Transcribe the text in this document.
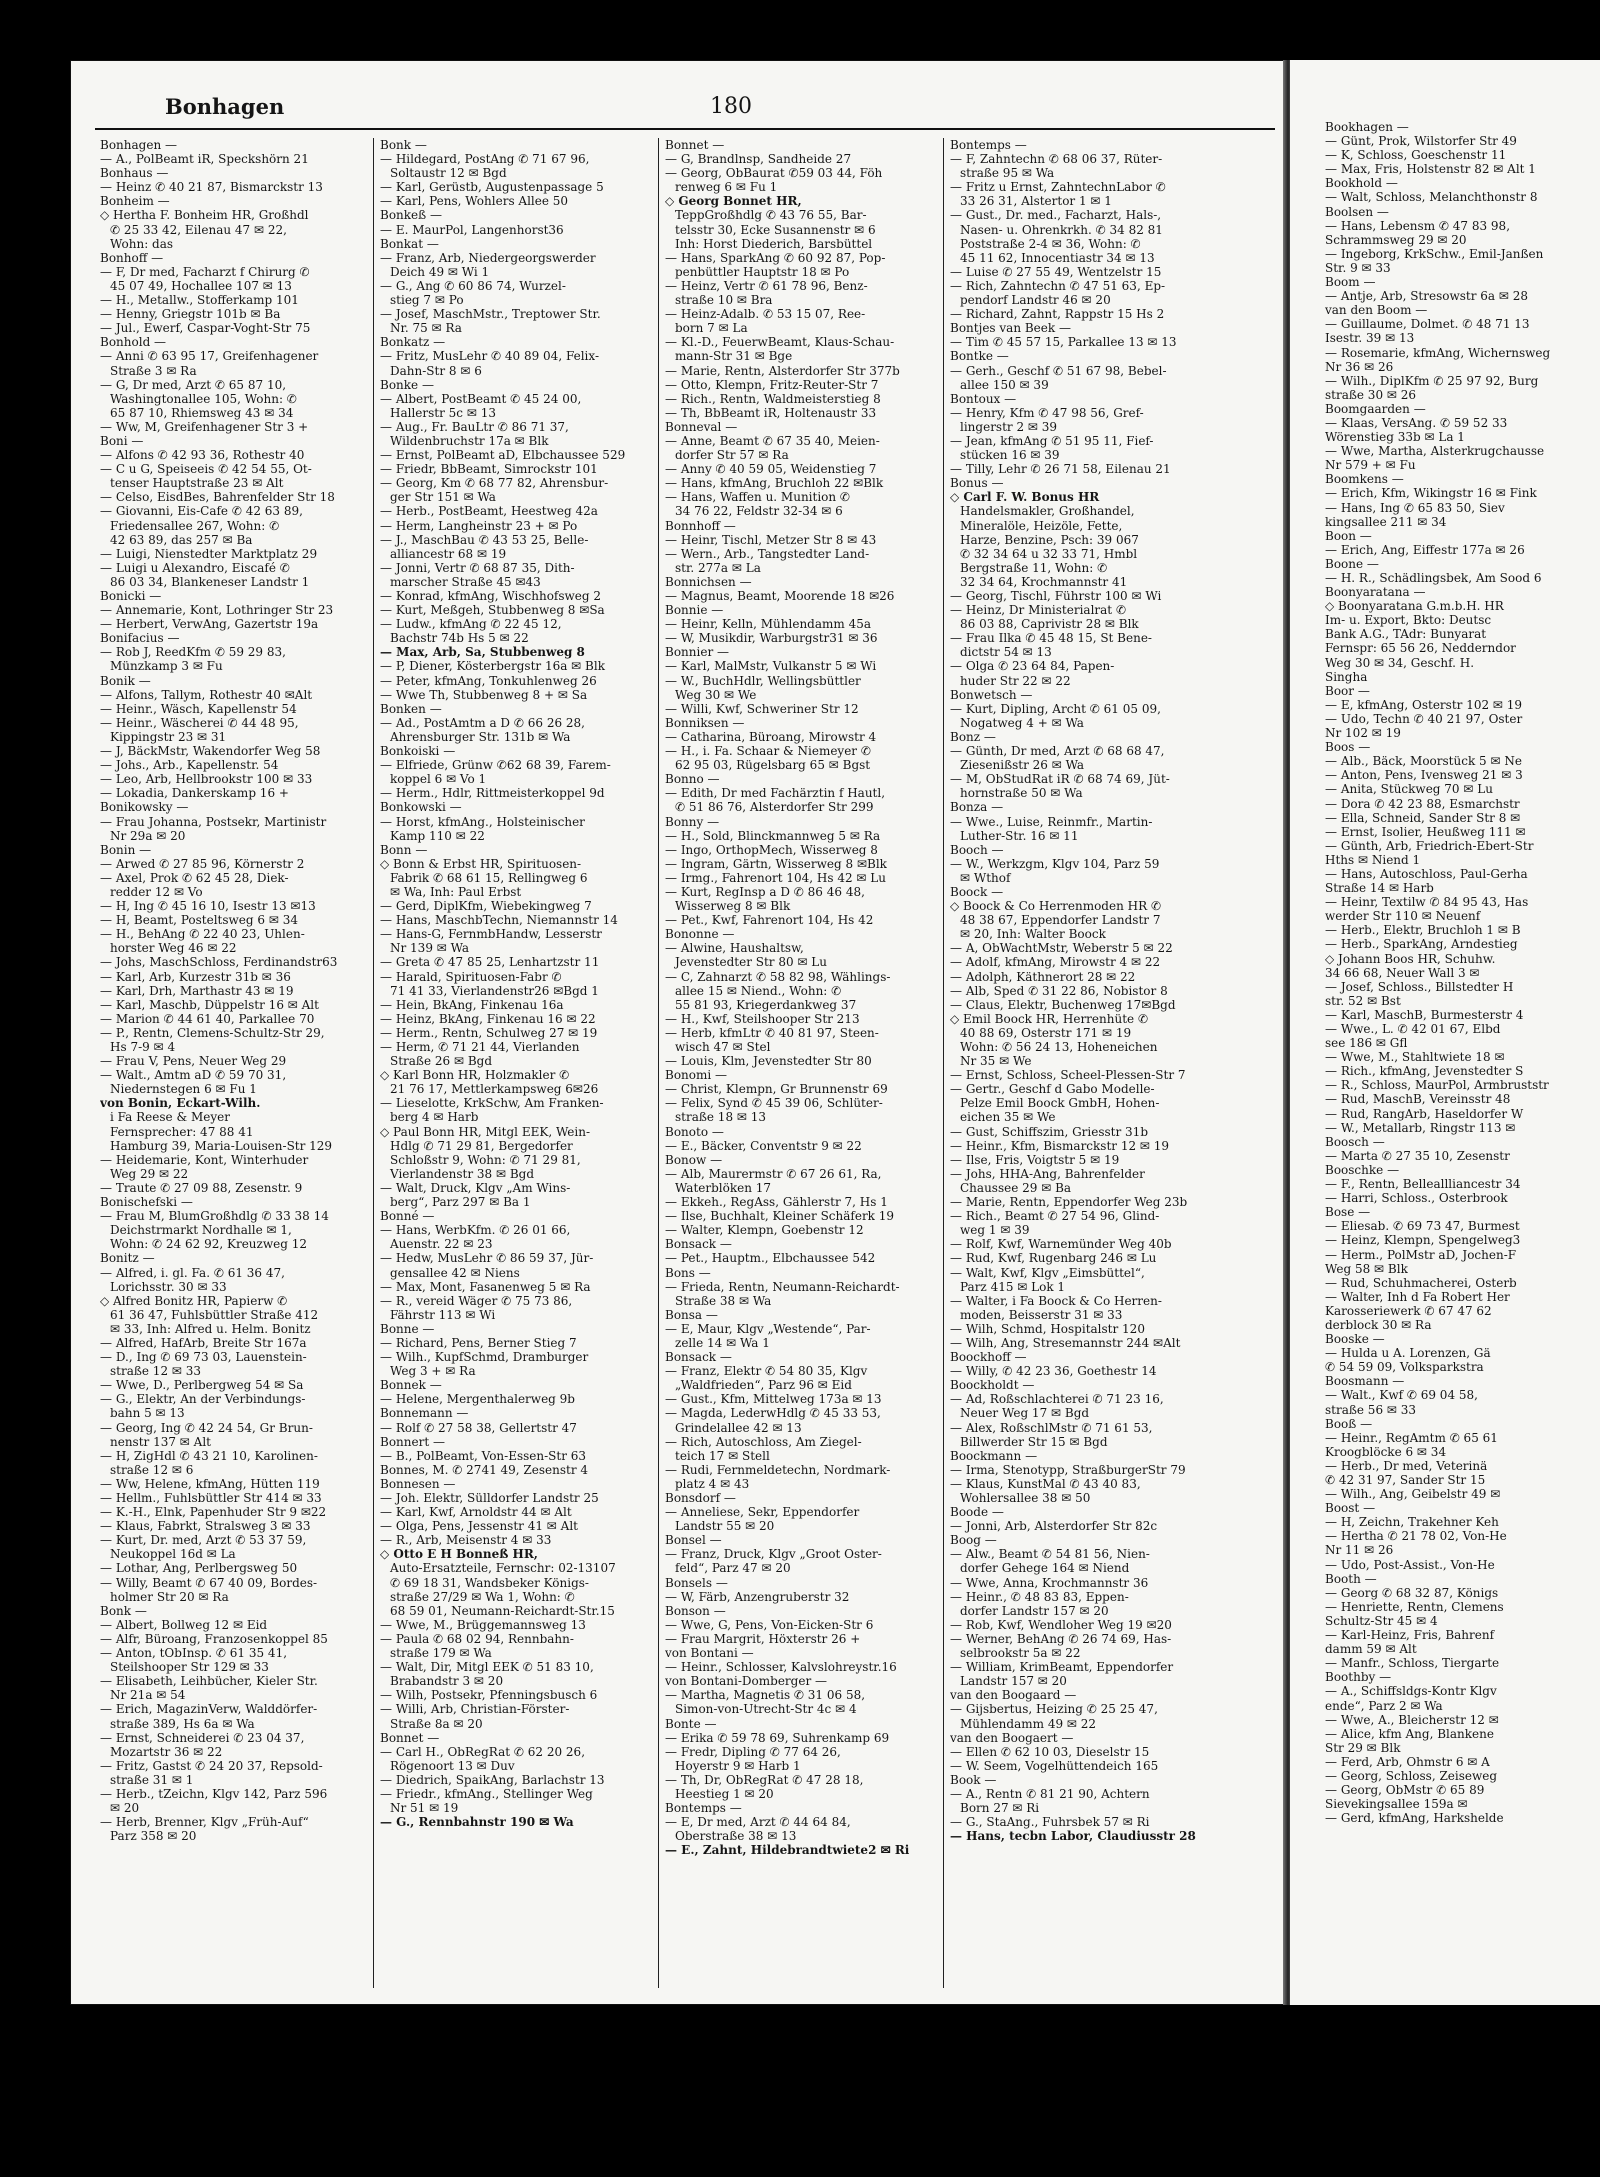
Bonhagen	180
Bonhagen —
— A., PolBeamt iR, Speckshörn 21
Bonhaus —
— Heinz ✆ 40 21 87, Bismarckstr 13
Bonheim —
◇ Hertha F. Bonheim HR, Großhdl
✆ 25 33 42, Eilenau 47 ✉ 22,
Wohn: das
Bonhoff —
— F, Dr med, Facharzt f Chirurg ✆
45 07 49, Hochallee 107 ✉ 13
— H., Metallw., Stofferkamp 101
— Henny, Griegstr 101b ✉ Ba
— Jul., Ewerf, Caspar-Voght-Str 75
Bonhold —
— Anni ✆ 63 95 17, Greifenhagener
Straße 3 ✉ Ra
— G, Dr med, Arzt ✆ 65 87 10,
Washingtonallee 105, Wohn: ✆
65 87 10, Rhiemsweg 43 ✉ 34
— Ww, M, Greifenhagener Str 3 +
Boni —
— Alfons ✆ 42 93 36, Rothestr 40
— C u G, Speiseeis ✆ 42 54 55, Ot-
tenser Hauptstraße 23 ✉ Alt
— Celso, EisdBes, Bahrenfelder Str 18
— Giovanni, Eis-Cafe ✆ 42 63 89,
Friedensallee 267, Wohn: ✆
42 63 89, das 257 ✉ Ba
— Luigi, Nienstedter Marktplatz 29
— Luigi u Alexandro, Eiscafé ✆
86 03 34, Blankeneser Landstr 1
Bonicki —
— Annemarie, Kont, Lothringer Str 23
— Herbert, VerwAng, Gazertstr 19a
Bonifacius —
— Rob J, ReedKfm ✆ 59 29 83,
Münzkamp 3 ✉ Fu
Bonik —
— Alfons, Tallym, Rothestr 40 ✉Alt
— Heinr., Wäsch, Kapellenstr 54
— Heinr., Wäscherei ✆ 44 48 95,
Kippingstr 23 ✉ 31
— J, BäckMstr, Wakendorfer Weg 58
— Johs., Arb., Kapellenstr. 54
— Leo, Arb, Hellbrookstr 100 ✉ 33
— Lokadia, Dankerskamp 16 +
Bonikowsky —
— Frau Johanna, Postsekr, Martinistr
Nr 29a ✉ 20
Bonin —
— Arwed ✆ 27 85 96, Körnerstr 2
— Axel, Prok ✆ 62 45 28, Diek-
redder 12 ✉ Vo
— H, Ing ✆ 45 16 10, Isestr 13 ✉13
— H, Beamt, Posteltsweg 6 ✉ 34
— H., BehAng ✆ 22 40 23, Uhlen-
horster Weg 46 ✉ 22
— Johs, MaschSchloss, Ferdinandstr63
— Karl, Arb, Kurzestr 31b ✉ 36
— Karl, Drh, Marthastr 43 ✉ 19
— Karl, Maschb, Düppelstr 16 ✉ Alt
— Marion ✆ 44 61 40, Parkallee 70
— P., Rentn, Clemens-Schultz-Str 29,
Hs 7-9 ✉ 4
— Frau V, Pens, Neuer Weg 29
— Walt., Amtm aD ✆ 59 70 31,
Niedernstegen 6 ✉ Fu 1
von Bonin, Eckart-Wilh.
i Fa Reese & Meyer
Fernsprecher: 47 88 41
Hamburg 39, Maria-Louisen-Str 129
— Heidemarie, Kont, Winterhuder
Weg 29 ✉ 22
— Traute ✆ 27 09 88, Zesenstr. 9
Bonischefski —
— Frau M, BlumGroßhdlg ✆ 33 38 14
Deichstrmarkt Nordhalle ✉ 1,
Wohn: ✆ 24 62 92, Kreuzweg 12
Bonitz —
— Alfred, i. gl. Fa. ✆ 61 36 47,
Lorichsstr. 30 ✉ 33
◇ Alfred Bonitz HR, Papierw ✆
61 36 47, Fuhlsbüttler Straße 412
✉ 33, Inh: Alfred u. Helm. Bonitz
— Alfred, HafArb, Breite Str 167a
— D., Ing ✆ 69 73 03, Lauenstein-
straße 12 ✉ 33
— Wwe, D., Perlbergweg 54 ✉ Sa
— G., Elektr, An der Verbindungs-
bahn 5 ✉ 13
— Georg, Ing ✆ 42 24 54, Gr Brun-
nenstr 137 ✉ Alt
— H, ZigHdl ✆ 43 21 10, Karolinen-
straße 12 ✉ 6
— Ww, Helene, kfmAng, Hütten 119
— Hellm., Fuhlsbüttler Str 414 ✉ 33
— K.-H., Elnk, Papenhuder Str 9 ✉22
— Klaus, Fabrkt, Stralsweg 3 ✉ 33
— Kurt, Dr. med, Arzt ✆ 53 37 59,
Neukoppel 16d ✉ La
— Lothar, Ang, Perlbergsweg 50
— Willy, Beamt ✆ 67 40 09, Bordes-
holmer Str 20 ✉ Ra
Bonk —
— Albert, Bollweg 12 ✉ Eid
— Alfr, Büroang, Franzosenkoppel 85
— Anton, tObInsp. ✆ 61 35 41,
Steilshooper Str 129 ✉ 33
— Elisabeth, Leihbücher, Kieler Str.
Nr 21a ✉ 54
— Erich, MagazinVerw, Walddörfer-
straße 389, Hs 6a ✉ Wa
— Ernst, Schneiderei ✆ 23 04 37,
Mozartstr 36 ✉ 22
— Fritz, Gastst ✆ 24 20 37, Repsold-
straße 31 ✉ 1
— Herb., tZeichn, Klgv 142, Parz 596
✉ 20
— Herb, Brenner, Klgv „Früh-Auf“
Parz 358 ✉ 20
Bonk —
— Hildegard, PostAng ✆ 71 67 96,
Soltaustr 12 ✉ Bgd
— Karl, Gerüstb, Augustenpassage 5
— Karl, Pens, Wohlers Allee 50
Bonkeß —
— E. MaurPol, Langenhorst36
Bonkat —
— Franz, Arb, Niedergeorgswerder
Deich 49 ✉ Wi 1
— G., Ang ✆ 60 86 74, Wurzel-
stieg 7 ✉ Po
— Josef, MaschMstr., Treptower Str.
Nr. 75 ✉ Ra
Bonkatz —
— Fritz, MusLehr ✆ 40 89 04, Felix-
Dahn-Str 8 ✉ 6
Bonke —
— Albert, PostBeamt ✆ 45 24 00,
Hallerstr 5c ✉ 13
— Aug., Fr. BauLtr ✆ 86 71 37,
Wildenbruchstr 17a ✉ Blk
— Ernst, PolBeamt aD, Elbchaussee 529
— Friedr, BbBeamt, Simrockstr 101
— Georg, Km ✆ 68 77 82, Ahrensbur-
ger Str 151 ✉ Wa
— Herb., PostBeamt, Heestweg 42a
— Herm, Langheinstr 23 + ✉ Po
— J., MaschBau ✆ 43 53 25, Belle-
alliancestr 68 ✉ 19
— Jonni, Vertr ✆ 68 87 35, Dith-
marscher Straße 45 ✉43
— Konrad, kfmAng, Wischhofsweg 2
— Kurt, Meßgeh, Stubbenweg 8 ✉Sa
— Ludw., kfmAng ✆ 22 45 12,
Bachstr 74b Hs 5 ✉ 22
— Max, Arb, Sa, Stubbenweg 8
— P, Diener, Kösterbergstr 16a ✉ Blk
— Peter, kfmAng, Tonkuhlenweg 26
— Wwe Th, Stubbenweg 8 + ✉ Sa
Bonken —
— Ad., PostAmtm a D ✆ 66 26 28,
Ahrensburger Str. 131b ✉ Wa
Bonkoiski —
— Elfriede, Grünw ✆62 68 39, Farem-
koppel 6 ✉ Vo 1
— Herm., Hdlr, Rittmeisterkoppel 9d
Bonkowski —
— Horst, kfmAng., Holsteinischer
Kamp 110 ✉ 22
Bonn —
◇ Bonn & Erbst HR, Spirituosen-
Fabrik ✆ 68 61 15, Rellingweg 6
✉ Wa, Inh: Paul Erbst
— Gerd, DiplKfm, Wiebekingweg 7
— Hans, MaschbTechn, Niemannstr 14
— Hans-G, FernmbHandw, Lesserstr
Nr 139 ✉ Wa
— Greta ✆ 47 85 25, Lenhartzstr 11
— Harald, Spirituosen-Fabr ✆
71 41 33, Vierlandenstr26 ✉Bgd 1
— Hein, BkAng, Finkenau 16a
— Heinz, BkAng, Finkenau 16 ✉ 22
— Herm., Rentn, Schulweg 27 ✉ 19
— Herm, ✆ 71 21 44, Vierlanden
Straße 26 ✉ Bgd
◇ Karl Bonn HR, Holzmakler ✆
21 76 17, Mettlerkampsweg 6✉26
— Lieselotte, KrkSchw, Am Franken-
berg 4 ✉ Harb
◇ Paul Bonn HR, Mitgl EEK, Wein-
Hdlg ✆ 71 29 81, Bergedorfer
Schloßstr 9, Wohn: ✆ 71 29 81,
Vierlandenstr 38 ✉ Bgd
— Walt, Druck, Klgv „Am Wins-
berg“, Parz 297 ✉ Ba 1
Bonné —
— Hans, WerbKfm. ✆ 26 01 66,
Auenstr. 22 ✉ 23
— Hedw, MusLehr ✆ 86 59 37, Jür-
gensallee 42 ✉ Niens
— Max, Mont, Fasanenweg 5 ✉ Ra
— R., vereid Wäger ✆ 75 73 86,
Fährstr 113 ✉ Wi
Bonne —
— Richard, Pens, Berner Stieg 7
— Wilh., KupfSchmd, Dramburger
Weg 3 + ✉ Ra
Bonnek —
— Helene, Mergenthalerweg 9b
Bonnemann —
— Rolf ✆ 27 58 38, Gellertstr 47
Bonnert —
— B., PolBeamt, Von-Essen-Str 63
Bonnes, M. ✆ 2741 49, Zesenstr 4
Bonnesen —
— Joh. Elektr, Sülldorfer Landstr 25
— Karl, Kwf, Arnoldstr 44 ✉ Alt
— Olga, Pens, Jessenstr 41 ✉ Alt
— R., Arb, Meisenstr 4 ✉ 33
◇ Otto E H Bonneß HR,
Auto-Ersatzteile, Fernschr: 02-13107
✆ 69 18 31, Wandsbeker Königs-
straße 27/29 ✉ Wa 1, Wohn: ✆
68 59 01, Neumann-Reichardt-Str.15
— Wwe, M., Brüggemannsweg 13
— Paula ✆ 68 02 94, Rennbahn-
straße 179 ✉ Wa
— Walt, Dir, Mitgl EEK ✆ 51 83 10,
Brabandstr 3 ✉ 20
— Wilh, Postsekr, Pfenningsbusch 6
— Willi, Arb, Christian-Förster-
Straße 8a ✉ 20
Bonnet —
— Carl H., ObRegRat ✆ 62 20 26,
Rögenoort 13 ✉ Duv
— Diedrich, SpaikAng, Barlachstr 13
— Friedr., kfmAng., Stellinger Weg
Nr 51 ✉ 19
— G., Rennbahnstr 190 ✉ Wa
Bonnet —
— G, Brandlnsp, Sandheide 27
— Georg, ObBaurat ✆59 03 44, Föh
renweg 6 ✉ Fu 1
◇ Georg Bonnet HR,
TeppGroßhdlg ✆ 43 76 55, Bar-
telsstr 30, Ecke Susannenstr ✉ 6
Inh: Horst Diederich, Barsbüttel
— Hans, SparkAng ✆ 60 92 87, Pop-
penbüttler Hauptstr 18 ✉ Po
— Heinz, Vertr ✆ 61 78 96, Benz-
straße 10 ✉ Bra
— Heinz-Adalb. ✆ 53 15 07, Ree-
born 7 ✉ La
— Kl.-D., FeuerwBeamt, Klaus-Schau-
mann-Str 31 ✉ Bge
— Marie, Rentn, Alsterdorfer Str 377b
— Otto, Klempn, Fritz-Reuter-Str 7
— Rich., Rentn, Waldmeisterstieg 8
— Th, BbBeamt iR, Holtenaustr 33
Bonneval —
— Anne, Beamt ✆ 67 35 40, Meien-
dorfer Str 57 ✉ Ra
— Anny ✆ 40 59 05, Weidenstieg 7
— Hans, kfmAng, Bruchloh 22 ✉Blk
— Hans, Waffen u. Munition ✆
34 76 22, Feldstr 32-34 ✉ 6
Bonnhoff —
— Heinr, Tischl, Metzer Str 8 ✉ 43
— Wern., Arb., Tangstedter Land-
str. 277a ✉ La
Bonnichsen —
— Magnus, Beamt, Moorende 18 ✉26
Bonnie —
— Heinr, Kelln, Mühlendamm 45a
— W, Musikdir, Warburgstr31 ✉ 36
Bonnier —
— Karl, MalMstr, Vulkanstr 5 ✉ Wi
— W., BuchHdlr, Wellingsbüttler
Weg 30 ✉ We
— Willi, Kwf, Schweriner Str 12
Bonniksen —
— Catharina, Büroang, Mirowstr 4
— H., i. Fa. Schaar & Niemeyer ✆
62 95 03, Rügelsbarg 65 ✉ Bgst
Bonno —
— Edith, Dr med Fachärztin f Hautl,
✆ 51 86 76, Alsterdorfer Str 299
Bonny —
— H., Sold, Blinckmannweg 5 ✉ Ra
— Ingo, OrthopMech, Wisserweg 8
— Ingram, Gärtn, Wisserweg 8 ✉Blk
— Irmg., Fahrenort 104, Hs 42 ✉ Lu
— Kurt, RegInsp a D ✆ 86 46 48,
Wisserweg 8 ✉ Blk
— Pet., Kwf, Fahrenort 104, Hs 42
Bononne —
— Alwine, Haushaltsw,
Jevenstedter Str 80 ✉ Lu
— C, Zahnarzt ✆ 58 82 98, Wählings-
allee 15 ✉ Niend., Wohn: ✆
55 81 93, Kriegerdankweg 37
— H., Kwf, Steilshooper Str 213
— Herb, kfmLtr ✆ 40 81 97, Steen-
wisch 47 ✉ Stel
— Louis, Klm, Jevenstedter Str 80
Bonomi —
— Christ, Klempn, Gr Brunnenstr 69
— Felix, Synd ✆ 45 39 06, Schlüter-
straße 18 ✉ 13
Bonoto —
— E., Bäcker, Conventstr 9 ✉ 22
Bonow —
— Alb, Maurermstr ✆ 67 26 61, Ra,
Waterblöken 17
— Ekkeh., RegAss, Gählerstr 7, Hs 1
— Ilse, Buchhalt, Kleiner Schäferk 19
— Walter, Klempn, Goebenstr 12
Bonsack —
— Pet., Hauptm., Elbchaussee 542
Bons —
— Frieda, Rentn, Neumann-Reichardt-
Straße 38 ✉ Wa
Bonsa —
— E, Maur, Klgv „Westende“, Par-
zelle 14 ✉ Wa 1
Bonsack —
— Franz, Elektr ✆ 54 80 35, Klgv
„Waldfrieden“, Parz 96 ✉ Eid
— Gust., Kfm, Mittelweg 173a ✉ 13
— Magda, LederwHdlg ✆ 45 33 53,
Grindelallee 42 ✉ 13
— Rich, Autoschloss, Am Ziegel-
teich 17 ✉ Stell
— Rudi, Fernmeldetechn, Nordmark-
platz 4 ✉ 43
Bonsdorf —
— Anneliese, Sekr, Eppendorfer
Landstr 55 ✉ 20
Bonsel —
— Franz, Druck, Klgv „Groot Oster-
feld“, Parz 47 ✉ 20
Bonsels —
— W, Färb, Anzengruberstr 32
Bonson —
— Wwe, G, Pens, Von-Eicken-Str 6
— Frau Margrit, Höxterstr 26 +
von Bontani —
— Heinr., Schlosser, Kalvslohreystr.16
von Bontani-Domberger —
— Martha, Magnetis ✆ 31 06 58,
Simon-von-Utrecht-Str 4c ✉ 4
Bonte —
— Erika ✆ 59 78 69, Suhrenkamp 69
— Fredr, Dipling ✆ 77 64 26,
Hoyerstr 9 ✉ Harb 1
— Th, Dr, ObRegRat ✆ 47 28 18,
Heestieg 1 ✉ 20
Bontemps —
— E, Dr med, Arzt ✆ 44 64 84,
Oberstraße 38 ✉ 13
— E., Zahnt, Hildebrandtwiete2 ✉ Ri
Bontemps —
— F, Zahntechn ✆ 68 06 37, Rüter-
straße 95 ✉ Wa
— Fritz u Ernst, ZahntechnLabor ✆
33 26 31, Alstertor 1 ✉ 1
— Gust., Dr. med., Facharzt, Hals-,
Nasen- u. Ohrenkrkh. ✆ 34 82 81
Poststraße 2-4 ✉ 36, Wohn: ✆
45 11 62, Innocentiastr 34 ✉ 13
— Luise ✆ 27 55 49, Wentzelstr 15
— Rich, Zahntechn ✆ 47 51 63, Ep-
pendorf Landstr 46 ✉ 20
— Richard, Zahnt, Rappstr 15 Hs 2
Bontjes van Beek —
— Tim ✆ 45 57 15, Parkallee 13 ✉ 13
Bontke —
— Gerh., Geschf ✆ 51 67 98, Bebel-
allee 150 ✉ 39
Bontoux —
— Henry, Kfm ✆ 47 98 56, Gref-
lingerstr 2 ✉ 39
— Jean, kfmAng ✆ 51 95 11, Fief-
stücken 16 ✉ 39
— Tilly, Lehr ✆ 26 71 58, Eilenau 21
Bonus —
◇ Carl F. W. Bonus HR
Handelsmakler, Großhandel,
Mineralöle, Heizöle, Fette,
Harze, Benzine, Psch: 39 067
✆ 32 34 64 u 32 33 71, Hmbl
Bergstraße 11, Wohn: ✆
32 34 64, Krochmannstr 41
— Georg, Tischl, Führstr 100 ✉ Wi
— Heinz, Dr Ministerialrat ✆
86 03 88, Caprivistr 28 ✉ Blk
— Frau Ilka ✆ 45 48 15, St Bene-
dictstr 54 ✉ 13
— Olga ✆ 23 64 84, Papen-
huder Str 22 ✉ 22
Bonwetsch —
— Kurt, Dipling, Archt ✆ 61 05 09,
Nogatweg 4 + ✉ Wa
Bonz —
— Günth, Dr med, Arzt ✆ 68 68 47,
Ziesenißstr 26 ✉ Wa
— M, ObStudRat iR ✆ 68 74 69, Jüt-
hornstraße 50 ✉ Wa
Bonza —
— Wwe., Luise, Reinmfr., Martin-
Luther-Str. 16 ✉ 11
Booch —
— W., Werkzgm, Klgv 104, Parz 59
✉ Wthof
Boock —
◇ Boock & Co Herrenmoden HR ✆
48 38 67, Eppendorfer Landstr 7
✉ 20, Inh: Walter Boock
— A, ObWachtMstr, Weberstr 5 ✉ 22
— Adolf, kfmAng, Mirowstr 4 ✉ 22
— Adolph, Käthnerort 28 ✉ 22
— Alb, Sped ✆ 31 22 86, Nobistor 8
— Claus, Elektr, Buchenweg 17✉Bgd
◇ Emil Boock HR, Herrenhüte ✆
40 88 69, Osterstr 171 ✉ 19
Wohn: ✆ 56 24 13, Hoheneichen
Nr 35 ✉ We
— Ernst, Schloss, Scheel-Plessen-Str 7
— Gertr., Geschf d Gabo Modelle-
Pelze Emil Boock GmbH, Hohen-
eichen 35 ✉ We
— Gust, Schiffszim, Griesstr 31b
— Heinr., Kfm, Bismarckstr 12 ✉ 19
— Ilse, Fris, Voigtstr 5 ✉ 19
— Johs, HHA-Ang, Bahrenfelder
Chaussee 29 ✉ Ba
— Marie, Rentn, Eppendorfer Weg 23b
— Rich., Beamt ✆ 27 54 96, Glind-
weg 1 ✉ 39
— Rolf, Kwf, Warnemünder Weg 40b
— Rud, Kwf, Rugenbarg 246 ✉ Lu
— Walt, Kwf, Klgv „Eimsbüttel“,
Parz 415 ✉ Lok 1
— Walter, i Fa Boock & Co Herren-
moden, Beisserstr 31 ✉ 33
— Wilh, Schmd, Hospitalstr 120
— Wilh, Ang, Stresemannstr 244 ✉Alt
Boockhoff —
— Willy, ✆ 42 23 36, Goethestr 14
Boockholdt —
— Ad, Roßschlachterei ✆ 71 23 16,
Neuer Weg 17 ✉ Bgd
— Alex, RoßschlMstr ✆ 71 61 53,
Billwerder Str 15 ✉ Bgd
Boockmann —
— Irma, Stenotypp, StraßburgerStr 79
— Klaus, KunstMal ✆ 43 40 83,
Wohlersallee 38 ✉ 50
Boode —
— Jonni, Arb, Alsterdorfer Str 82c
Boog —
— Alw., Beamt ✆ 54 81 56, Nien-
dorfer Gehege 164 ✉ Niend
— Wwe, Anna, Krochmannstr 36
— Heinr., ✆ 48 83 83, Eppen-
dorfer Landstr 157 ✉ 20
— Rob, Kwf, Wendloher Weg 19 ✉20
— Werner, BehAng ✆ 26 74 69, Has-
selbrookstr 5a ✉ 22
— William, KrimBeamt, Eppendorfer
Landstr 157 ✉ 20
van den Boogaard —
— Gijsbertus, Heizing ✆ 25 25 47,
Mühlendamm 49 ✉ 22
van den Boogaert —
— Ellen ✆ 62 10 03, Dieselstr 15
— W. Seem, Vogelhüttendeich 165
Book —
— A., Rentn ✆ 81 21 90, Achtern
Born 27 ✉ Ri
— G., StaAng., Fuhrsbek 57 ✉ Ri
— Hans, tecbn Labor, Claudiusstr 28
Bookhagen —
— Günt, Prok, Wilstorfer Str 49
— K, Schloss, Goeschenstr 11
— Max, Fris, Holstenstr 82 ✉ Alt 1
Bookhold —
— Walt, Schloss, Melanchthonstr 8
Boolsen —
— Hans, Lebensm ✆ 47 83 98,
Schrammsweg 29 ✉ 20
— Ingeborg, KrkSchw., Emil-Janßen
Str. 9 ✉ 33
Boom —
— Antje, Arb, Stresowstr 6a ✉ 28
van den Boom —
— Guillaume, Dolmet. ✆ 48 71 13
Isestr. 39 ✉ 13
— Rosemarie, kfmAng, Wichernsweg
Nr 36 ✉ 26
— Wilh., DiplKfm ✆ 25 97 92, Burg
straße 30 ✉ 26
Boomgaarden —
— Klaas, VersAng. ✆ 59 52 33
Wörenstieg 33b ✉ La 1
— Wwe, Martha, Alsterkrugchausse
Nr 579 + ✉ Fu
Boomkens —
— Erich, Kfm, Wikingstr 16 ✉ Fink
— Hans, Ing ✆ 65 83 50, Siev
kingsallee 211 ✉ 34
Boon —
— Erich, Ang, Eiffestr 177a ✉ 26
Boone —
— H. R., Schädlingsbek, Am Sood 6
Boonyaratana —
◇ Boonyaratana G.m.b.H. HR
Im- u. Export, Bkto: Deutsc
Bank A.G., TAdr: Bunyarat
Fernspr: 65 56 26, Nedderndor
Weg 30 ✉ 34, Geschf. H.
Singha
Boor —
— E, kfmAng, Osterstr 102 ✉ 19
— Udo, Techn ✆ 40 21 97, Oster
Nr 102 ✉ 19
Boos —
— Alb., Bäck, Moorstück 5 ✉ Ne
— Anton, Pens, Ivensweg 21 ✉ 3
— Anita, Stückweg 70 ✉ Lu
— Dora ✆ 42 23 88, Esmarchstr
— Ella, Schneid, Sander Str 8 ✉
— Ernst, Isolier, Heußweg 111 ✉
— Günth, Arb, Friedrich-Ebert-Str
Hths ✉ Niend 1
— Hans, Autoschloss, Paul-Gerha
Straße 14 ✉ Harb
— Heinr, Textilw ✆ 84 95 43, Has
werder Str 110 ✉ Neuenf
— Herb., Elektr, Bruchloh 1 ✉ B
— Herb., SparkAng, Arndestieg
◇ Johann Boos HR, Schuhw.
34 66 68, Neuer Wall 3 ✉
— Josef, Schloss., Billstedter H
str. 52 ✉ Bst
— Karl, MaschB, Burmesterstr 4
— Wwe., L. ✆ 42 01 67, Elbd
see 186 ✉ Gfl
— Wwe, M., Stahltwiete 18 ✉
— Rich., kfmAng, Jevenstedter S
— R., Schloss, MaurPol, Armbruststr
— Rud, MaschB, Vereinsstr 48
— Rud, RangArb, Haseldorfer W
— W., Metallarb, Ringstr 113 ✉
Boosch —
— Marta ✆ 27 35 10, Zesenstr
Booschke —
— F., Rentn, Belleallliancestr 34
— Harri, Schloss., Osterbrook
Bose —
— Eliesab. ✆ 69 73 47, Burmest
— Heinz, Klempn, Spengelweg3
— Herm., PolMstr aD, Jochen-F
Weg 58 ✉ Blk
— Rud, Schuhmacherei, Osterb
— Walter, Inh d Fa Robert Her
Karosseriewerk ✆ 67 47 62
derblock 30 ✉ Ra
Booske —
— Hulda u A. Lorenzen, Gä
✆ 54 59 09, Volksparkstra
Boosmann —
— Walt., Kwf ✆ 69 04 58,
straße 56 ✉ 33
Booß —
— Heinr., RegAmtm ✆ 65 61
Kroogblöcke 6 ✉ 34
— Herb., Dr med, Veterinä
✆ 42 31 97, Sander Str 15
— Wilh., Ang, Geibelstr 49 ✉
Boost —
— H, Zeichn, Trakehner Keh
— Hertha ✆ 21 78 02, Von-He
Nr 11 ✉ 26
— Udo, Post-Assist., Von-He
Booth —
— Georg ✆ 68 32 87, Königs
— Henriette, Rentn, Clemens
Schultz-Str 45 ✉ 4
— Karl-Heinz, Fris, Bahrenf
damm 59 ✉ Alt
— Manfr., Schloss, Tiergarte
Boothby —
— A., Schiffsldgs-Kontr Klgv
ende“, Parz 2 ✉ Wa
— Wwe, A., Bleicherstr 12 ✉
— Alice, kfm Ang, Blankene
Str 29 ✉ Blk
— Ferd, Arb, Ohmstr 6 ✉ A
— Georg, Schloss, Zeiseweg
— Georg, ObMstr ✆ 65 89
Sievekingsallee 159a ✉
— Gerd, kfmAng, Harkshelde
